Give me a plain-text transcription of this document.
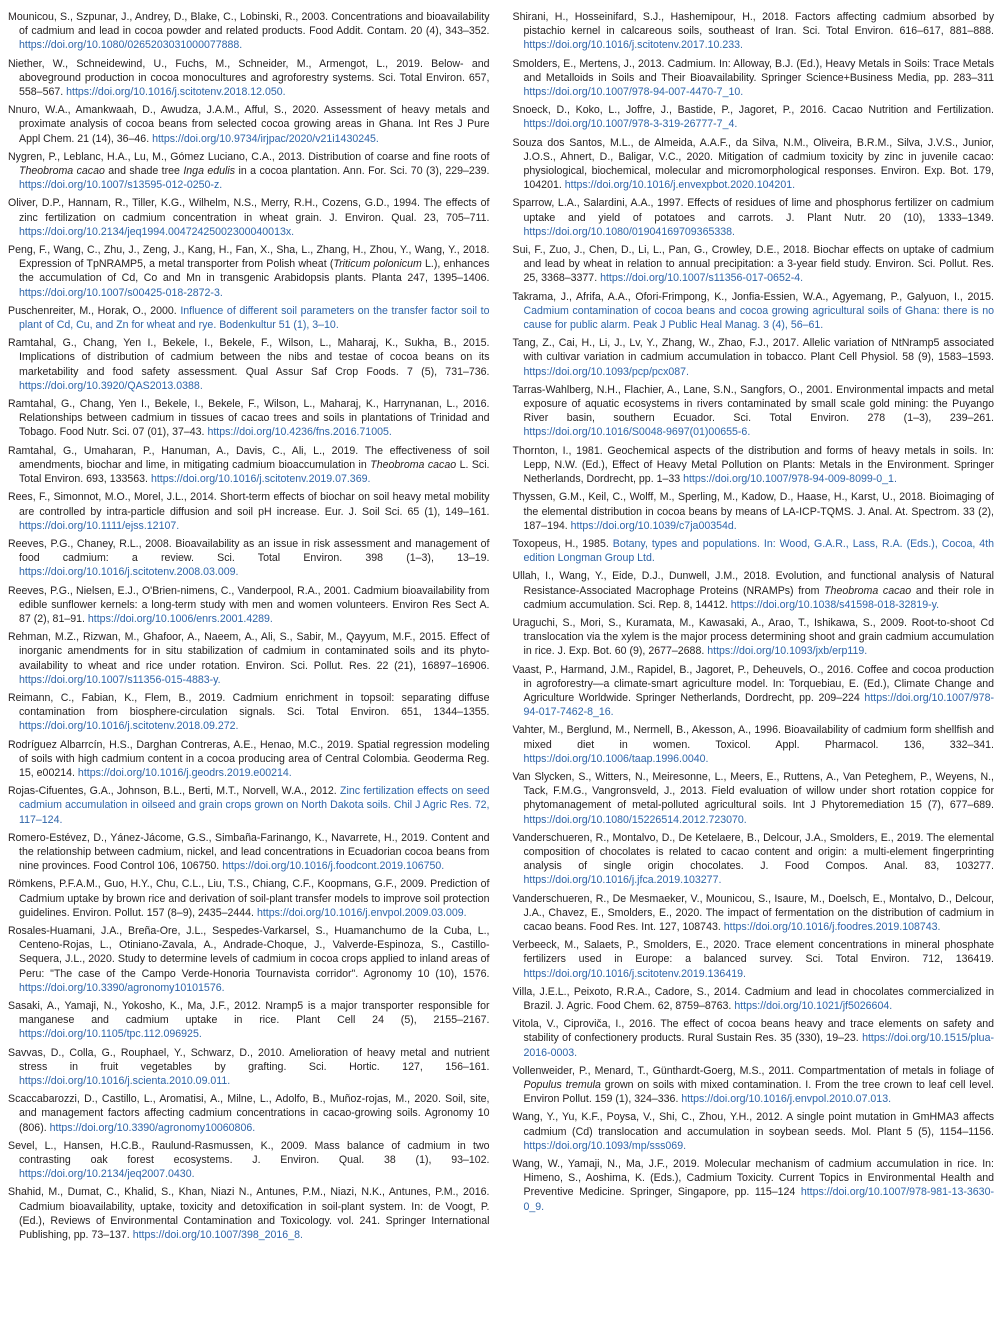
Mounicou, S., Szpunar, J., Andrey, D., Blake, C., Lobinski, R., 2003. Concentrations and bioavailability of cadmium and lead in cocoa powder and related products. Food Addit. Contam. 20 (4), 343–352. https://doi.org/10.1080/0265203031000077888.

Niether, W., Schneidewind, U., Fuchs, M., Schneider, M., Armengot, L., 2019. Below- and aboveground production in cocoa monocultures and agroforestry systems. Sci. Total Environ. 657, 558–567. https://doi.org/10.1016/j.scitotenv.2018.12.050.

Nnuro, W.A., Amankwaah, D., Awudza, J.A.M., Afful, S., 2020. Assessment of heavy metals and proximate analysis of cocoa beans from selected cocoa growing areas in Ghana. Int Res J Pure Appl Chem. 21 (14), 36–46. https://doi.org/10.9734/irjpac/2020/v21i1430245.

Nygren, P., Leblanc, H.A., Lu, M., Gómez Luciano, C.A., 2013. Distribution of coarse and fine roots of Theobroma cacao and shade tree Inga edulis in a cocoa plantation. Ann. For. Sci. 70 (3), 229–239. https://doi.org/10.1007/s13595-012-0250-z.

Oliver, D.P., Hannam, R., Tiller, K.G., Wilhelm, N.S., Merry, R.H., Cozens, G.D., 1994. The effects of zinc fertilization on cadmium concentration in wheat grain. J. Environ. Qual. 23, 705–711. https://doi.org/10.2134/jeq1994.00472425002300040013x.

Peng, F., Wang, C., Zhu, J., Zeng, J., Kang, H., Fan, X., Sha, L., Zhang, H., Zhou, Y., Wang, Y., 2018. Expression of TpNRAMP5, a metal transporter from Polish wheat (Triticum polonicum L.), enhances the accumulation of Cd, Co and Mn in transgenic Arabidopsis plants. Planta 247, 1395–1406. https://doi.org/10.1007/s00425-018-2872-3.

Puschenreiter, M., Horak, O., 2000. Influence of different soil parameters on the transfer factor soil to plant of Cd, Cu, and Zn for wheat and rye. Bodenkultur 51 (1), 3–10.

Ramtahal, G., Chang, Yen I., Bekele, I., Bekele, F., Wilson, L., Maharaj, K., Sukha, B., 2015. Implications of distribution of cadmium between the nibs and testae of cocoa beans on its marketability and food safety assessment. Qual Assur Saf Crop Foods. 7 (5), 731–736. https://doi.org/10.3920/QAS2013.0388.

Ramtahal, G., Chang, Yen I., Bekele, I., Bekele, F., Wilson, L., Maharaj, K., Harrynanan, L., 2016. Relationships between cadmium in tissues of cacao trees and soils in plantations of Trinidad and Tobago. Food Nutr. Sci. 07 (01), 37–43. https://doi.org/10.4236/fns.2016.71005.

Ramtahal, G., Umaharan, P., Hanuman, A., Davis, C., Ali, L., 2019. The effectiveness of soil amendments, biochar and lime, in mitigating cadmium bioaccumulation in Theobroma cacao L. Sci. Total Environ. 693, 133563. https://doi.org/10.1016/j.scitotenv.2019.07.369.

Rees, F., Simonnot, M.O., Morel, J.L., 2014. Short-term effects of biochar on soil heavy metal mobility are controlled by intra-particle diffusion and soil pH increase. Eur. J. Soil Sci. 65 (1), 149–161. https://doi.org/10.1111/ejss.12107.

Reeves, P.G., Chaney, R.L., 2008. Bioavailability as an issue in risk assessment and management of food cadmium: a review. Sci. Total Environ. 398 (1–3), 13–19. https://doi.org/10.1016/j.scitotenv.2008.03.009.

Reeves, P.G., Nielsen, E.J., O'Brien-nimens, C., Vanderpool, R.A., 2001. Cadmium bioavailability from edible sunflower kernels: a long-term study with men and women volunteers. Environ Res Sect A. 87 (2), 81–91. https://doi.org/10.1006/enrs.2001.4289.

Rehman, M.Z., Rizwan, M., Ghafoor, A., Naeem, A., Ali, S., Sabir, M., Qayyum, M.F., 2015. Effect of inorganic amendments for in situ stabilization of cadmium in contaminated soils and its phyto-availability to wheat and rice under rotation. Environ. Sci. Pollut. Res. 22 (21), 16897–16906. https://doi.org/10.1007/s11356-015-4883-y.

Reimann, C., Fabian, K., Flem, B., 2019. Cadmium enrichment in topsoil: separating diffuse contamination from biosphere-circulation signals. Sci. Total Environ. 651, 1344–1355. https://doi.org/10.1016/j.scitotenv.2018.09.272.

Rodríguez Albarrcín, H.S., Darghan Contreras, A.E., Henao, M.C., 2019. Spatial regression modeling of soils with high cadmium content in a cocoa producing area of Central Colombia. Geoderma Reg. 15, e00214. https://doi.org/10.1016/j.geodrs.2019.e00214.

Rojas-Cifuentes, G.A., Johnson, B.L., Berti, M.T., Norvell, W.A., 2012. Zinc fertilization effects on seed cadmium accumulation in oilseed and grain crops grown on North Dakota soils. Chil J Agric Res. 72, 117–124.

Romero-Estévez, D., Yánez-Jácome, G.S., Simbaña-Farinango, K., Navarrete, H., 2019. Content and the relationship between cadmium, nickel, and lead concentrations in Ecuadorian cocoa beans from nine provinces. Food Control 106, 106750. https://doi.org/10.1016/j.foodcont.2019.106750.

Römkens, P.F.A.M., Guo, H.Y., Chu, C.L., Liu, T.S., Chiang, C.F., Koopmans, G.F., 2009. Prediction of Cadmium uptake by brown rice and derivation of soil-plant transfer models to improve soil protection guidelines. Environ. Pollut. 157 (8–9), 2435–2444. https://doi.org/10.1016/j.envpol.2009.03.009.

Rosales-Huamani, J.A., Breña-Ore, J.L., Sespedes-Varkarsel, S., Huamanchumo de la Cuba, L., Centeno-Rojas, L., Otiniano-Zavala, A., Andrade-Choque, J., Valverde-Espinoza, S., Castillo-Sequera, J.L., 2020. Study to determine levels of cadmium in cocoa crops applied to inland areas of Peru: "The case of the Campo Verde-Honoria Tournavista corridor". Agronomy 10 (10), 1576. https://doi.org/10.3390/agronomy10101576.

Sasaki, A., Yamaji, N., Yokosho, K., Ma, J.F., 2012. Nramp5 is a major transporter responsible for manganese and cadmium uptake in rice. Plant Cell 24 (5), 2155–2167. https://doi.org/10.1105/tpc.112.096925.

Savvas, D., Colla, G., Rouphael, Y., Schwarz, D., 2010. Amelioration of heavy metal and nutrient stress in fruit vegetables by grafting. Sci. Hortic. 127, 156–161. https://doi.org/10.1016/j.scienta.2010.09.011.

Scaccabarozzi, D., Castillo, L., Aromatisi, A., Milne, L., Adolfo, B., Muñoz-rojas, M., 2020. Soil, site, and management factors affecting cadmium concentrations in cacao-growing soils. Agronomy 10 (806). https://doi.org/10.3390/agronomy10060806.

Sevel, L., Hansen, H.C.B., Raulund-Rasmussen, K., 2009. Mass balance of cadmium in two contrasting oak forest ecosystems. J. Environ. Qual. 38 (1), 93–102. https://doi.org/10.2134/jeq2007.0430.

Shahid, M., Dumat, C., Khalid, S., Khan, Niazi N., Antunes, P.M., Niazi, N.K., Antunes, P.M., 2016. Cadmium bioavailability, uptake, toxicity and detoxification in soil-plant system. In: de Voogt, P. (Ed.), Reviews of Environmental Contamination and Toxicology. vol. 241. Springer International Publishing, pp. 73–137. https://doi.org/10.1007/398_2016_8.

Shirani, H., Hosseinifard, S.J., Hashemipour, H., 2018. Factors affecting cadmium absorbed by pistachio kernel in calcareous soils, southeast of Iran. Sci. Total Environ. 616–617, 881–888. https://doi.org/10.1016/j.scitotenv.2017.10.233.

Smolders, E., Mertens, J., 2013. Cadmium. In: Alloway, B.J. (Ed.), Heavy Metals in Soils: Trace Metals and Metalloids in Soils and Their Bioavailability. Springer Science+Business Media, pp. 283–311 https://doi.org/10.1007/978-94-007-4470-7_10.

Snoeck, D., Koko, L., Joffre, J., Bastide, P., Jagoret, P., 2016. Cacao Nutrition and Fertilization. https://doi.org/10.1007/978-3-319-26777-7_4.

Souza dos Santos, M.L., de Almeida, A.A.F., da Silva, N.M., Oliveira, B.R.M., Silva, J.V.S., Junior, J.O.S., Ahnert, D., Baligar, V.C., 2020. Mitigation of cadmium toxicity by zinc in juvenile cacao: physiological, biochemical, molecular and micromorphological responses. Environ. Exp. Bot. 179, 104201. https://doi.org/10.1016/j.envexpbot.2020.104201.

Sparrow, L.A., Salardini, A.A., 1997. Effects of residues of lime and phosphorus fertilizer on cadmium uptake and yield of potatoes and carrots. J. Plant Nutr. 20 (10), 1333–1349. https://doi.org/10.1080/01904169709365338.

Sui, F., Zuo, J., Chen, D., Li, L., Pan, G., Crowley, D.E., 2018. Biochar effects on uptake of cadmium and lead by wheat in relation to annual precipitation: a 3-year field study. Environ. Sci. Pollut. Res. 25, 3368–3377. https://doi.org/10.1007/s11356-017-0652-4.

Takrama, J., Afrifa, A.A., Ofori-Frimpong, K., Jonfia-Essien, W.A., Agyemang, P., Galyuon, I., 2015. Cadmium contamination of cocoa beans and cocoa growing agricultural soils of Ghana: there is no cause for public alarm. Peak J Public Heal Manag. 3 (4), 56–61.

Tang, Z., Cai, H., Li, J., Lv, Y., Zhang, W., Zhao, F.J., 2017. Allelic variation of NtNramp5 associated with cultivar variation in cadmium accumulation in tobacco. Plant Cell Physiol. 58 (9), 1583–1593. https://doi.org/10.1093/pcp/pcx087.

Tarras-Wahlberg, N.H., Flachier, A., Lane, S.N., Sangfors, O., 2001. Environmental impacts and metal exposure of aquatic ecosystems in rivers contaminated by small scale gold mining: the Puyango River basin, southern Ecuador. Sci. Total Environ. 278 (1–3), 239–261. https://doi.org/10.1016/S0048-9697(01)00655-6.

Thornton, I., 1981. Geochemical aspects of the distribution and forms of heavy metals in soils. In: Lepp, N.W. (Ed.), Effect of Heavy Metal Pollution on Plants: Metals in the Environment. Springer Netherlands, Dordrecht, pp. 1–33 https://doi.org/10.1007/978-94-009-8099-0_1.

Thyssen, G.M., Keil, C., Wolff, M., Sperling, M., Kadow, D., Haase, H., Karst, U., 2018. Bioimaging of the elemental distribution in cocoa beans by means of LA-ICP-TQMS. J. Anal. At. Spectrom. 33 (2), 187–194. https://doi.org/10.1039/c7ja00354d.

Toxopeus, H., 1985. Botany, types and populations. In: Wood, G.A.R., Lass, R.A. (Eds.), Cocoa, 4th edition Longman Group Ltd.

Ullah, I., Wang, Y., Eide, D.J., Dunwell, J.M., 2018. Evolution, and functional analysis of Natural Resistance-Associated Macrophage Proteins (NRAMPs) from Theobroma cacao and their role in cadmium accumulation. Sci. Rep. 8, 14412. https://doi.org/10.1038/s41598-018-32819-y.

Uraguchi, S., Mori, S., Kuramata, M., Kawasaki, A., Arao, T., Ishikawa, S., 2009. Root-to-shoot Cd translocation via the xylem is the major process determining shoot and grain cadmium accumulation in rice. J. Exp. Bot. 60 (9), 2677–2688. https://doi.org/10.1093/jxb/erp119.

Vaast, P., Harmand, J.M., Rapidel, B., Jagoret, P., Deheuvels, O., 2016. Coffee and cocoa production in agroforestry—a climate-smart agriculture model. In: Torquebiau, E. (Ed.), Climate Change and Agriculture Worldwide. Springer Netherlands, Dordrecht, pp. 209–224 https://doi.org/10.1007/978-94-017-7462-8_16.

Vahter, M., Berglund, M., Nermell, B., Akesson, A., 1996. Bioavailability of cadmium form shellfish and mixed diet in women. Toxicol. Appl. Pharmacol. 136, 332–341. https://doi.org/10.1006/taap.1996.0040.

Van Slycken, S., Witters, N., Meiresonne, L., Meers, E., Ruttens, A., Van Peteghem, P., Weyens, N., Tack, F.M.G., Vangronsveld, J., 2013. Field evaluation of willow under short rotation coppice for phytomanagement of metal-polluted agricultural soils. Int J Phytoremediation 15 (7), 677–689. https://doi.org/10.1080/15226514.2012.723070.

Vanderschueren, R., Montalvo, D., De Ketelaere, B., Delcour, J.A., Smolders, E., 2019. The elemental composition of chocolates is related to cacao content and origin: a multi-element fingerprinting analysis of single origin chocolates. J. Food Compos. Anal. 83, 103277. https://doi.org/10.1016/j.jfca.2019.103277.

Vanderschueren, R., De Mesmaeker, V., Mounicou, S., Isaure, M., Doelsch, E., Montalvo, D., Delcour, J.A., Chavez, E., Smolders, E., 2020. The impact of fermentation on the distribution of cadmium in cacao beans. Food Res. Int. 127, 108743. https://doi.org/10.1016/j.foodres.2019.108743.

Verbeeck, M., Salaets, P., Smolders, E., 2020. Trace element concentrations in mineral phosphate fertilizers used in Europe: a balanced survey. Sci. Total Environ. 712, 136419. https://doi.org/10.1016/j.scitotenv.2019.136419.

Villa, J.E.L., Peixoto, R.R.A., Cadore, S., 2014. Cadmium and lead in chocolates commercialized in Brazil. J. Agric. Food Chem. 62, 8759–8763. https://doi.org/10.1021/jf5026604.

Vitola, V., Ciproviča, I., 2016. The effect of cocoa beans heavy and trace elements on safety and stability of confectionery products. Rural Sustain Res. 35 (330), 19–23. https://doi.org/10.1515/plua-2016-0003.

Vollenweider, P., Menard, T., Günthardt-Goerg, M.S., 2011. Compartmentation of metals in foliage of Populus tremula grown on soils with mixed contamination. I. From the tree crown to leaf cell level. Environ Pollut. 159 (1), 324–336. https://doi.org/10.1016/j.envpol.2010.07.013.

Wang, Y., Yu, K.F., Poysa, V., Shi, C., Zhou, Y.H., 2012. A single point mutation in GmHMA3 affects cadmium (Cd) translocation and accumulation in soybean seeds. Mol. Plant 5 (5), 1154–1156. https://doi.org/10.1093/mp/sss069.

Wang, W., Yamaji, N., Ma, J.F., 2019. Molecular mechanism of cadmium accumulation in rice. In: Himeno, S., Aoshima, K. (Eds.), Cadmium Toxicity. Current Topics in Environmental Health and Preventive Medicine. Springer, Singapore, pp. 115–124 https://doi.org/10.1007/978-981-13-3630-0_9.
